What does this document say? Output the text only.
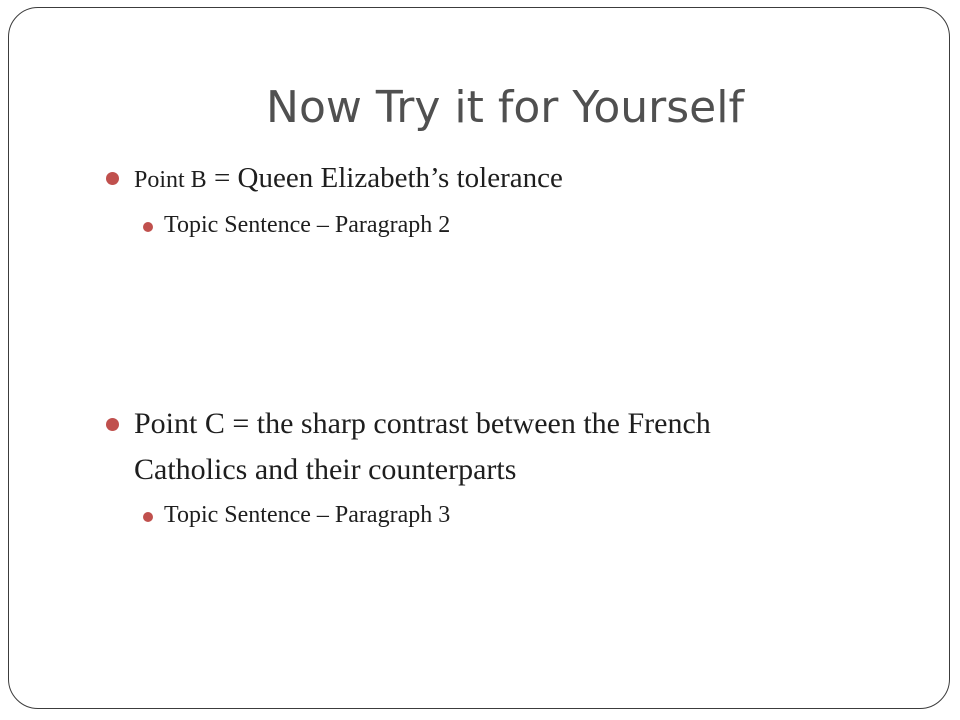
Now Try it for Yourself
Point B = Queen Elizabeth’s tolerance
Topic Sentence – Paragraph 2
Point C = the sharp contrast between the French
Catholics and their counterparts
Topic Sentence – Paragraph 3
